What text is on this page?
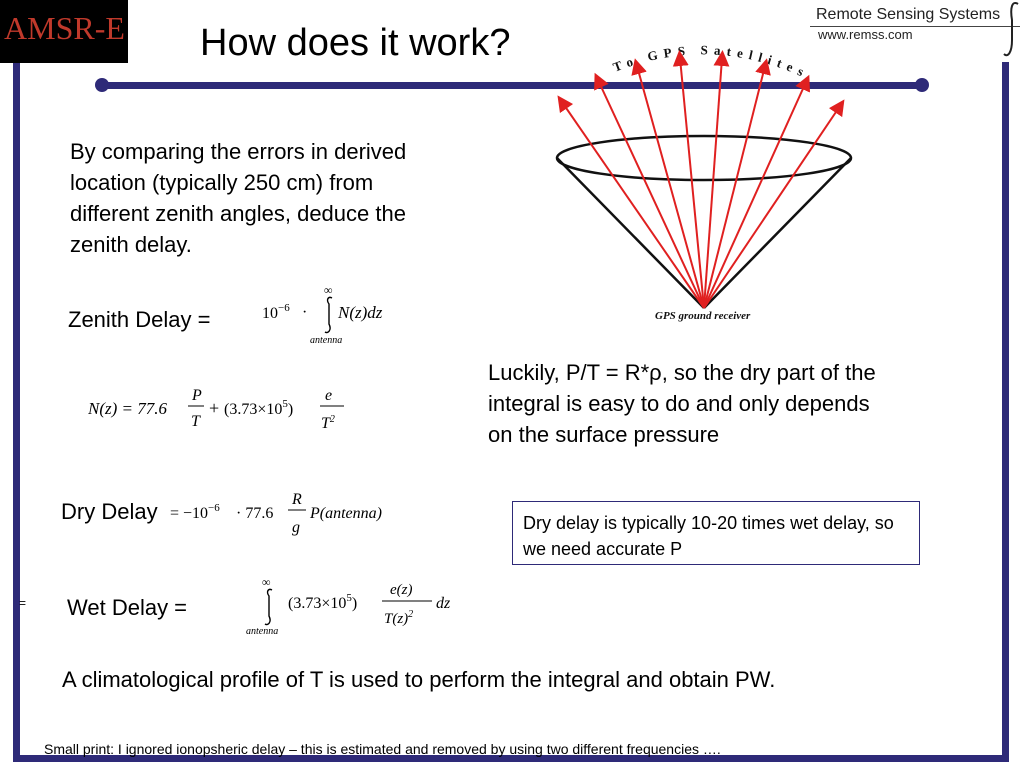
AMSR-E How does it work?
Remote Sensing Systems
www.remss.com
To GPS Satellites
GPS ground receiver
By comparing the errors in derived location (typically 250 cm) from different zenith angles, deduce the zenith delay.
Zenith Delay =	$10^{-6}$ ·
∞
antenna
N(z)dz
N(z) = 77.6
P
T
+ $(3.73\times 10^5)$
e
$T^2$
Luckily, P/T = R*ρ, so the dry part of the integral is easy to do and only depends on the surface pressure
Dry Delay = $-10^{-6} \cdot 77.6$
R
g
P(antenna)	Dry delay is typically 10-20 times wet delay, so we need accurate P
= Wet Delay =
∞
antenna
$(3.73\times 10^5)$
e(z)
$T(z)^2$
dz
A climatological profile of T is used to perform the integral and obtain PW.
Small print: I ignored ionopsheric delay – this is estimated and removed by using two different frequencies ….
